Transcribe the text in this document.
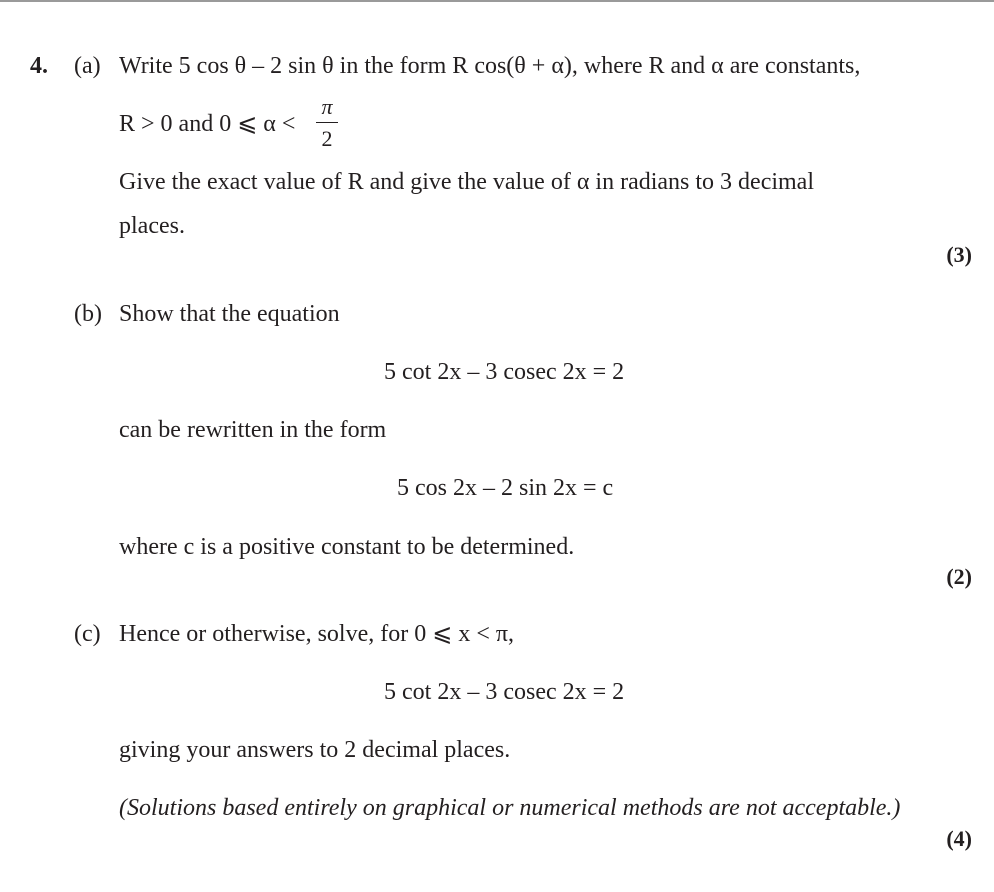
4. (a) Write 5 cos θ – 2 sin θ in the form R cos(θ + α), where R and α are constants,
R > 0 and 0 ⩽ α <
π
2
Give the exact value of R and give the value of α in radians to 3 decimal
places.
(3)
(b) Show that the equation
5 cot 2x – 3 cosec 2x = 2
can be rewritten in the form
5 cos 2x – 2 sin 2x = c
where c is a positive constant to be determined.
(2)
(c) Hence or otherwise, solve, for 0 ⩽ x < π,
5 cot 2x – 3 cosec 2x = 2
giving your answers to 2 decimal places.
(Solutions based entirely on graphical or numerical methods are not acceptable.)
(4)
